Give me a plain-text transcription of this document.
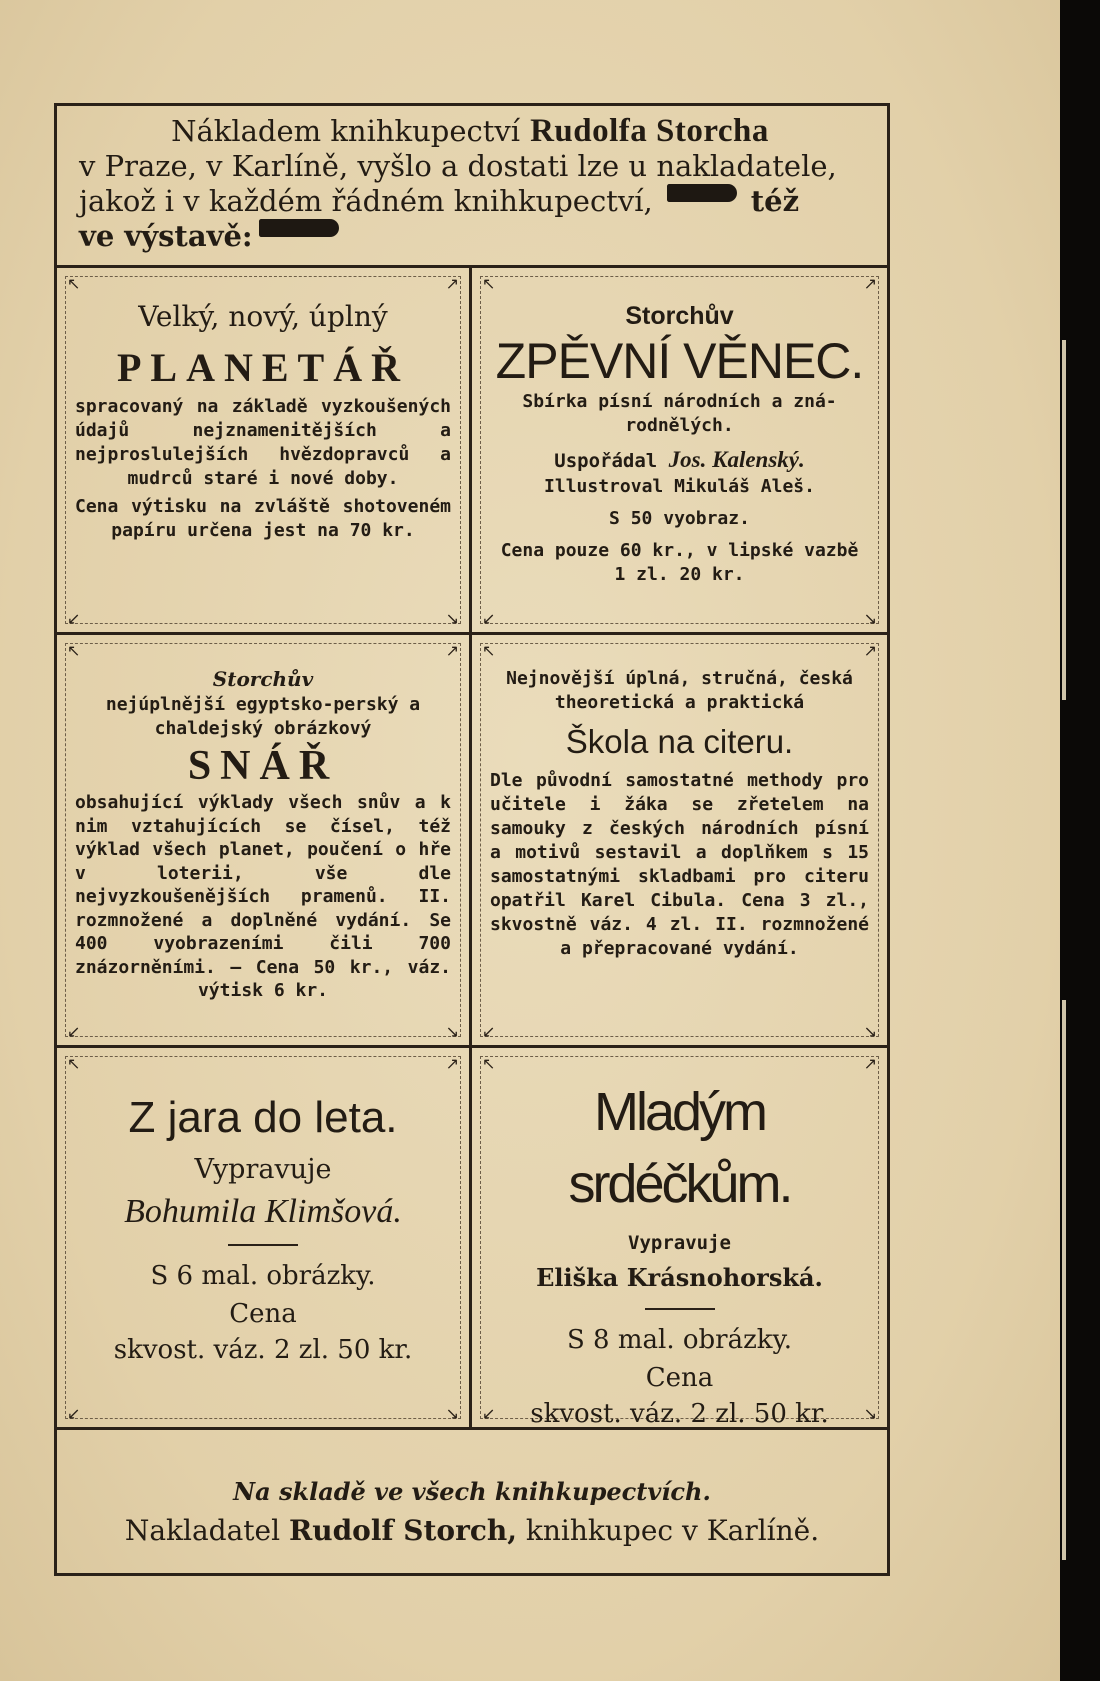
Nákladem knihkupectví Rudolfa Storcha
v Praze, v Karlíně, vyšlo a dostati lze u nakladatele,
jakož i v každém řádném knihkupectví,	též
ve výstavě:
↖	↗
↙	↘
Velký, nový, úplný
PLANETÁŘ
spracovaný na základě vyzkoušených údajů nejznamenitějších a nejproslulejších hvězdopravců a mudrců staré i nové doby.
Cena výtisku na zvláště shotoveném papíru určena jest na 70 kr.
↖	↗
↙	↘
Storchův
ZPĚVNÍ VĚNEC.
Sbírka písní národních a zná-rodnělých.
Uspořádal Jos. Kalenský.
Illustroval Mikuláš Aleš.
S 50 vyobraz.
Cena pouze 60 kr., v lipské vazbě 1 zl. 20 kr.
↖	↗
↙	↘
Storchův
nejúplnější egyptsko-perský a chaldejský obrázkový
SNÁŘ
obsahující výklady všech snův a k nim vztahujících se čísel, též výklad všech planet, poučení o hře v loterii, vše dle nejvyzkoušenějších pramenů. II. rozmnožené a doplněné vydání. Se 400 vyobrazeními čili 700 znázorněními. — Cena 50 kr., váz. výtisk 6 kr.
↖	↗
↙	↘
Nejnovější úplná, stručná, česká theoretická a praktická
Škola na citeru.
Dle původní samostatné methody pro učitele i žáka se zřetelem na samouky z českých národních písní a motivů sestavil a doplňkem s 15 samostatnými skladbami pro citeru opatřil Karel Cibula. Cena 3 zl., skvostně váz. 4 zl. II. rozmnožené a přepracované vydání.
↖	↗
↙	↘
Z jara do leta.
Vypravuje
Bohumila Klimšová.
S 6 mal. obrázky.
Cena
skvost. váz. 2 zl. 50 kr.
↖	↗
↙	↘
Mladým srdéčkům.
Vypravuje
Eliška Krásnohorská.
S 8 mal. obrázky.
Cena
skvost. váz. 2 zl. 50 kr.
Na skladě ve všech knihkupectvích.
Nakladatel Rudolf Storch, knihkupec v Karlíně.
